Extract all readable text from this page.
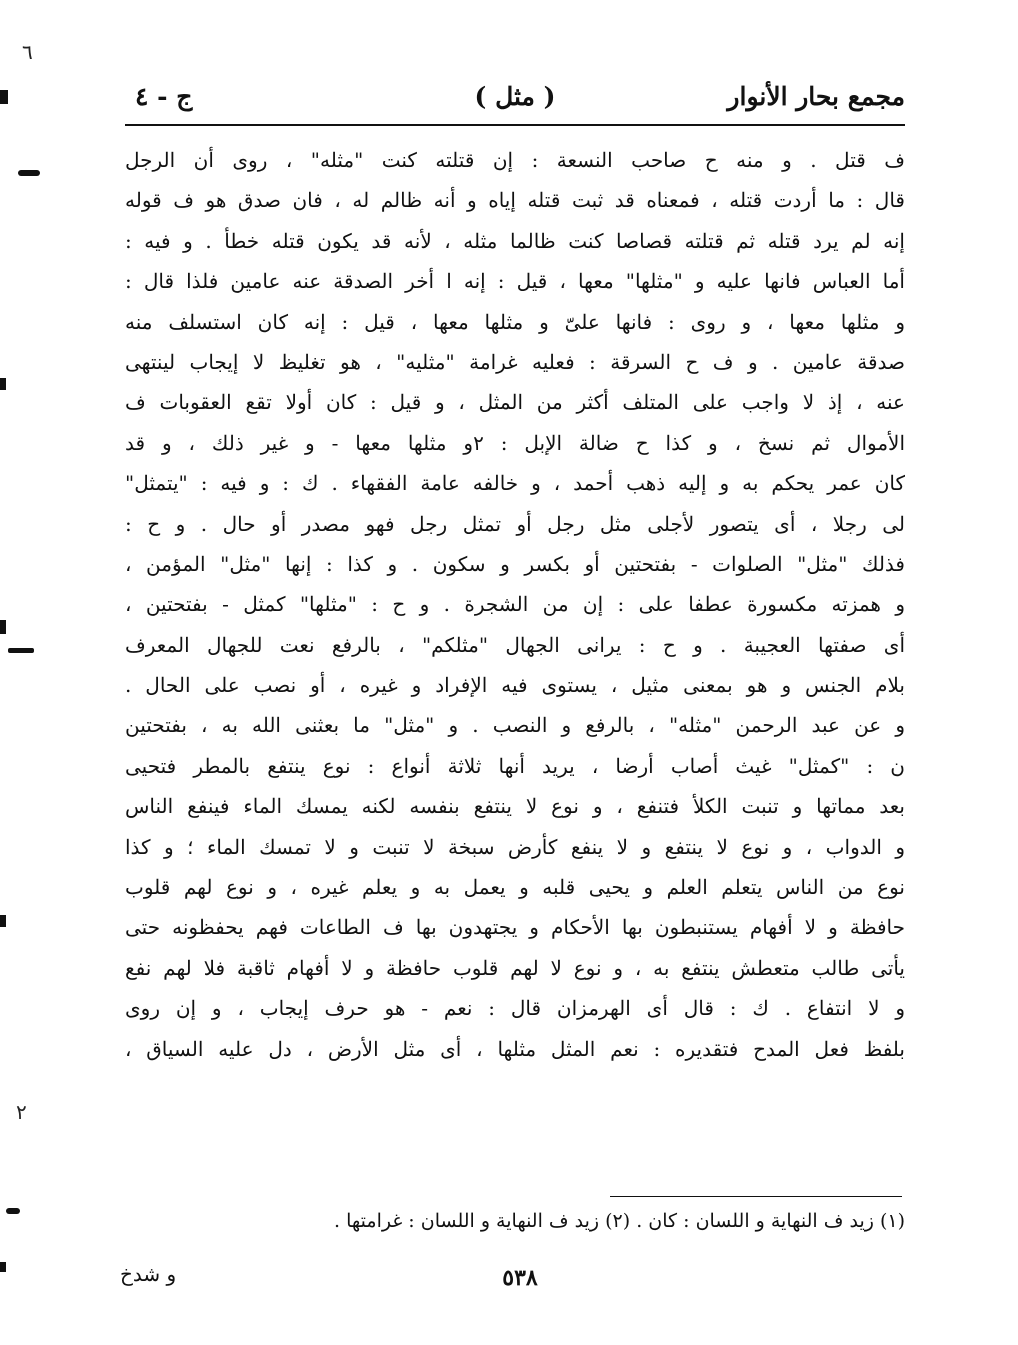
٦
٢
مجمع بحار الأنوار
( مثل )
ج - ٤
ف قتل . و منه ح صاحب النسعة : إن قتلته كنت "مثله" ، روى أن الرجل
قال : ما أردت قتله ، فمعناه قد ثبت قتله إياه و أنه ظالم له ، فان صدق هو ف قوله
إنه لم يرد قتله ثم قتلته قصاصا كنت ظالما مثله ، لأنه قد يكون قتله خطأ . و فيه :
أما العباس فانها عليه و "مثلها" معها ، قيل : إنه ا أخر الصدقة عنه عامين فلذا قال :
و مثلها معها ، و روى : فانها علىّ و مثلها معها ، قيل : إنه كان استسلف منه
صدقة عامين . و ف ح السرقة : فعليه غرامة "مثليه" ، هو تغليظ لا إيجاب لينتهى
عنه ، إذ لا واجب على المتلف أكثر من المثل ، و قيل : كان أولا تقع العقوبات ف
الأموال ثم نسخ ، و كذا ح ضالة الإبل : ٢و مثلها معها - و غير ذلك ، و قد
كان عمر يحكم به و إليه ذهب أحمد ، و خالفه عامة الفقهاء . ك : و فيه : "يتمثل"
لى رجلا ، أى يتصور لأجلى مثل رجل أو تمثل رجل فهو مصدر أو حال . و ح :
فذلك "مثل" الصلوات - بفتحتين أو بكسر و سكون . و كذا : إنها "مثل" المؤمن ،
و همزته مكسورة عطفا على : إن من الشجرة . و ح : "مثلها" كمثل - بفتحتين ،
أى صفتها العجيبة . و ح : يرانى الجهال "مثلكم" ، بالرفع نعت للجهال المعرف
بلام الجنس و هو بمعنى مثيل ، يستوى فيه الإفراد و غيره ، أو نصب على الحال .
و عن عبد الرحمن "مثله" ، بالرفع و النصب . و "مثل" ما بعثنى الله به ، بفتحتين
ن : "كمثل" غيث أصاب أرضا ، يريد أنها ثلاثة أنواع : نوع ينتفع بالمطر فتحيى
بعد مماتها و تنبت الكلأ فتنفع ، و نوع لا ينتفع بنفسه لكنه يمسك الماء فينفع الناس
و الدواب ، و نوع لا ينتفع و لا ينفع كأرض سبخة لا تنبت و لا تمسك الماء ؛ و كذا
نوع من الناس يتعلم العلم و يحيى قلبه و يعمل به و يعلم غيره ، و نوع لهم قلوب
حافظة و لا أفهام يستنبطون بها الأحكام و يجتهدون بها ف الطاعات فهم يحفظونه حتى
يأتى طالب متعطش ينتفع به ، و نوع لا لهم قلوب حافظة و لا أفهام ثاقبة فلا لهم نفع
و لا انتفاع . ك : قال أى الهرمزان قال : نعم - هو حرف إيجاب ، و إن روى
بلفظ فعل المدح فتقديره : نعم المثل مثلها ، أى مثل الأرض ، دل عليه السياق ،
(١) زيد ف النهاية و اللسان : كان . (٢) زيد ف النهاية و اللسان : غرامتها .
٥٣٨
و شدخ
